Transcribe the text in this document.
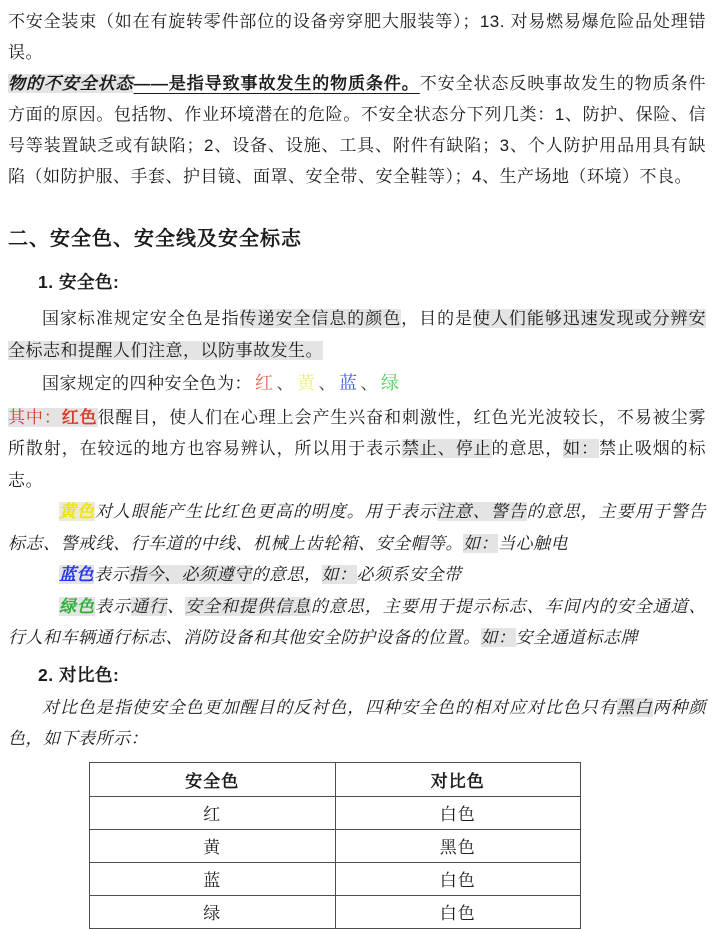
不安全装束（如在有旋转零件部位的设备旁穿肥大服装等）；13. 对易燃易爆危险品处理错误。

物的不安全状态——是指导致事故发生的物质条件。不安全状态反映事故发生的物质条件方面的原因。包括物、作业环境潜在的危险。不安全状态分下列几类：1、防护、保险、信号等装置缺乏或有缺陷；2、设备、设施、工具、附件有缺陷；3、个人防护用品用具有缺陷（如防护服、手套、护目镜、面罩、安全带、安全鞋等）；4、生产场地（环境）不良。

二、安全色、安全线及安全标志
1. 安全色:

国家标准规定安全色是指传递安全信息的颜色，目的是使人们能够迅速发现或分辨安全标志和提醒人们注意，以防事故发生。

国家规定的四种安全色为： 红 、 黄 、 蓝 、 绿

其中：红色很醒目，使人们在心理上会产生兴奋和刺激性，红色光光波较长，不易被尘雾所散射，在较远的地方也容易辨认，所以用于表示禁止、停止的意思，如：禁止吸烟的标志。

黄色对人眼能产生比红色更高的明度。用于表示注意、警告的意思，主要用于警告标志、警戒线、行车道的中线、机械上齿轮箱、安全帽等。如：当心触电

蓝色表示指今、必须遵守的意思，如：必须系安全带

绿色表示通行、安全和提供信息的意思，主要用于提示标志、车间内的安全通道、行人和车辆通行标志、消防设备和其他安全防护设备的位置。如：安全通道标志牌

2. 对比色:

对比色是指使安全色更加醒目的反衬色，四种安全色的相对应对比色只有黑白两种颜色，如下表所示：

安全色	对比色
红	白色
黄	黑色
蓝	白色
绿	白色
